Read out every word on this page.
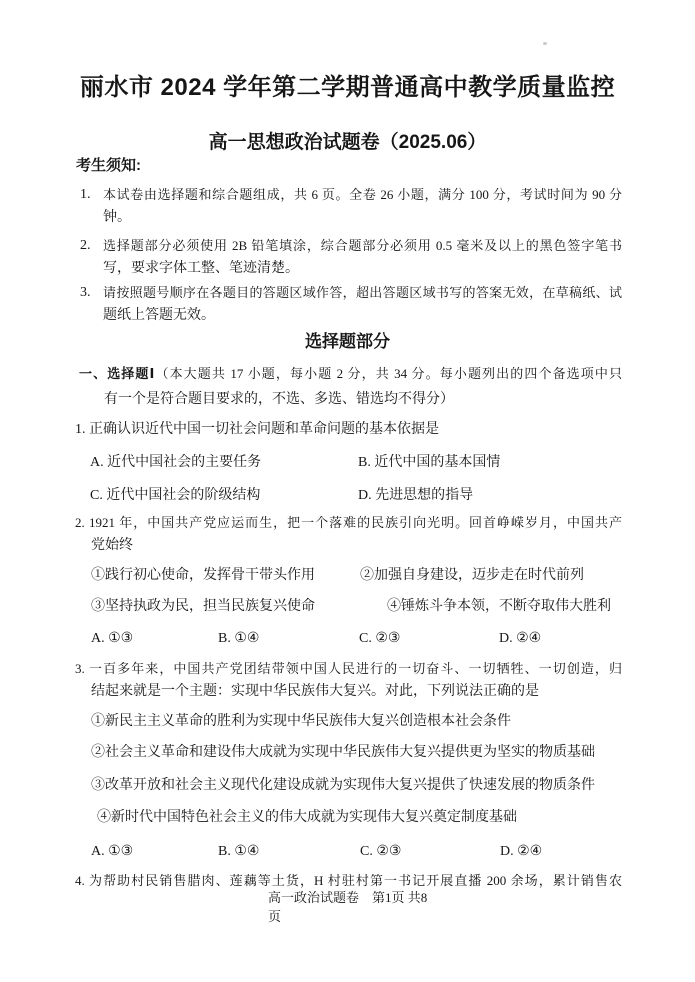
丽水市 2024 学年第二学期普通高中教学质量监控
高一思想政治试题卷（2025.06）
考生须知:
1. 本试卷由选择题和综合题组成，共 6 页。全卷 26 小题，满分 100 分，考试时间为 90 分
钟。
2. 选择题部分必须使用 2B 铅笔填涂，综合题部分必须用 0.5 毫米及以上的黑色签字笔书
写，要求字体工整、笔迹清楚。
3. 请按照题号顺序在各题目的答题区域作答，超出答题区域书写的答案无效，在草稿纸、试
题纸上答题无效。
选择题部分
一、选择题Ⅰ（本大题共 17 小题，每小题 2 分，共 34 分。每小题列出的四个备选项中只
有一个是符合题目要求的，不选、多选、错选均不得分）
1. 正确认识近代中国一切社会问题和革命问题的基本依据是
A. 近代中国社会的主要任务	B. 近代中国的基本国情
C. 近代中国社会的阶级结构	D. 先进思想的指导
2. 1921 年，中国共产党应运而生，把一个落难的民族引向光明。回首峥嵘岁月，中国共产
党始终
①践行初心使命，发挥骨干带头作用	②加强自身建设，迈步走在时代前列
③坚持执政为民，担当民族复兴使命	④锤炼斗争本领，不断夺取伟大胜利
A. ①③	B. ①④	C. ②③	D. ②④
3. 一百多年来，中国共产党团结带领中国人民进行的一切奋斗、一切牺牲、一切创造，归
结起来就是一个主题：实现中华民族伟大复兴。对此，下列说法正确的是
①新民主主义革命的胜利为实现中华民族伟大复兴创造根本社会条件
②社会主义革命和建设伟大成就为实现中华民族伟大复兴提供更为坚实的物质基础
③改革开放和社会主义现代化建设成就为实现伟大复兴提供了快速发展的物质条件
④新时代中国特色社会主义的伟大成就为实现伟大复兴奠定制度基础
A. ①③	B. ①④	C. ②③	D. ②④
4. 为帮助村民销售腊肉、莲藕等土货，H 村驻村第一书记开展直播 200 余场，累计销售农
高一政治试题卷　第1页 共8
页
